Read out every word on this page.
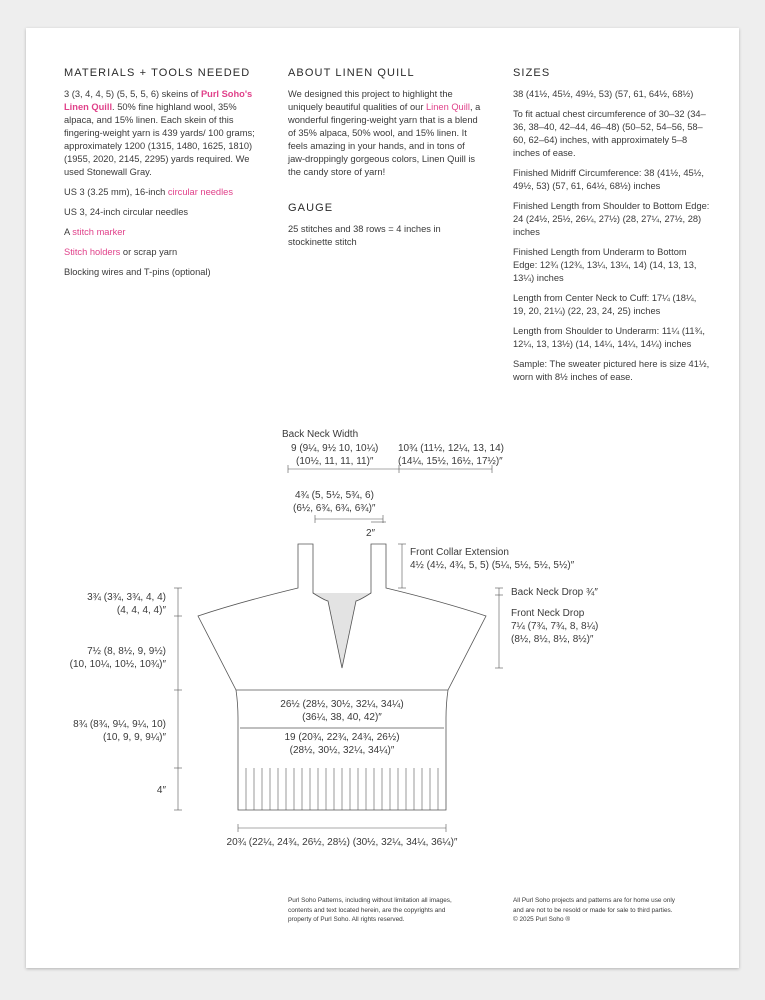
MATERIALS + TOOLS NEEDED

3 (3, 4, 4, 5) (5, 5, 5, 6) skeins of Purl Soho's Linen Quill. 50% fine highland wool, 35% alpaca, and 15% linen. Each skein of this fingering-weight yarn is 439 yards/ 100 grams; approximately 1200 (1315, 1480, 1625, 1810) (1955, 2020, 2145, 2295) yards required. We used Stonewall Gray.

US 3 (3.25 mm), 16-inch circular needles

US 3, 24-inch circular needles

A stitch marker

Stitch holders or scrap yarn

Blocking wires and T-pins (optional)

ABOUT LINEN QUILL

We designed this project to highlight the uniquely beautiful qualities of our Linen Quill, a wonderful fingering-weight yarn that is a blend of 35% alpaca, 50% wool, and 15% linen. It feels amazing in your hands, and in tons of jaw-droppingly gorgeous colors, Linen Quill is the candy store of yarn!

GAUGE

25 stitches and 38 rows = 4 inches in stockinette stitch

SIZES

38 (41½, 45½, 49½, 53) (57, 61, 64½, 68½)

To fit actual chest circumference of 30–32 (34–36, 38–40, 42–44, 46–48) (50–52, 54–56, 58–60, 62–64) inches, with approximately 5–8 inches of ease.

Finished Midriff Circumference: 38 (41½, 45½, 49½, 53) (57, 61, 64½, 68½) inches

Finished Length from Shoulder to Bottom Edge: 24 (24½, 25½, 26¼, 27½) (28, 27¼, 27½, 28) inches

Finished Length from Underarm to Bottom Edge: 12¾ (12¾, 13¼, 13¼, 14) (14, 13, 13, 13¼) inches

Length from Center Neck to Cuff: 17¼ (18¼, 19, 20, 21¼) (22, 23, 24, 25) inches

Length from Shoulder to Underarm: 11¼ (11¾, 12¼, 13, 13½) (14, 14¼, 14¼, 14¼) inches

Sample: The sweater pictured here is size 41½, worn with 8½ inches of ease.

Back Neck Width
9 (9¼, 9½ 10, 10¼)
(10½, 11, 11, 11)″
10¾ (11½, 12¼, 13, 14)
(14¼, 15½, 16½, 17½)″
4¾ (5, 5½, 5¾, 6)
(6½, 6¾, 6¾, 6¾)″
2″
Front Collar Extension
4½ (4½, 4¾, 5, 5) (5¼, 5½, 5½, 5½)″
Back Neck Drop ¾″
Front Neck Drop
7¼ (7¾, 7¾, 8, 8¼)
(8½, 8½, 8½, 8½)″
3¾ (3¾, 3¾, 4, 4)
(4, 4, 4, 4)″
7½ (8, 8½, 9, 9½)
(10, 10¼, 10½, 10¾)″
8¾ (8¾, 9¼, 9¼, 10)
(10, 9, 9, 9¼)″
4″
26½ (28½, 30½, 32¼, 34¼)
(36¼, 38, 40, 42)″
19 (20¾, 22¾, 24¾, 26½)
(28½, 30½, 32¼, 34¼)″
20¾ (22¼, 24¾, 26½, 28½) (30½, 32¼, 34¼, 36¼)″
Purl Soho Patterns, including without limitation all images,
contents and text located herein, are the copyrights and
property of Purl Soho. All rights reserved.
All Purl Soho projects and patterns are for home use only
and are not to be resold or made for sale to third parties.
© 2025 Purl Soho ®
